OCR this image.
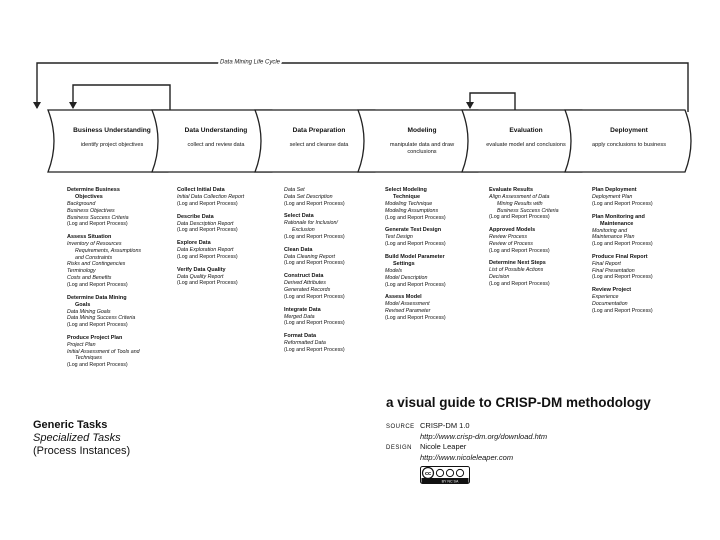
Data Mining Life Cycle
Business Understanding
identify project objectives
Data Understanding
collect and review data
Data Preparation
select and cleanse data
Modeling
manipulate data and draw conclusions
Evaluation
evaluate model and conclusions
Deployment
apply conclusions to business
Determine Business
Objectives
Background
Business Objectives
Business Success Criteria
(Log and Report Process)
Assess Situation
Inventory of Resources
Requirements, Assumptions
and Constraints
Risks and Contingencies
Terminology
Costs and Benefits
(Log and Report Process)
Determine Data Mining
Goals
Data Mining Goals
Data Mining Success Criteria
(Log and Report Process)
Produce Project Plan
Project Plan
Initial Assessment of Tools and
Techniques
(Log and Report Process)
Collect Initial Data
Initial Data Collection Report
(Log and Report Process)
Describe Data
Data Description Report
(Log and Report Process)
Explore Data
Data Exploration Report
(Log and Report Process)
Verify Data Quality
Data Quality Report
(Log and Report Process)
Data Set
Data Set Description
(Log and Report Process)
Select Data
Rationale for Inclusion/
Exclusion
(Log and Report Process)
Clean Data
Data Cleaning Report
(Log and Report Process)
Construct Data
Derived Attributes
Generated Records
(Log and Report Process)
Integrate Data
Merged Data
(Log and Report Process)
Format Data
Reformatted Data
(Log and Report Process)
Select Modeling
Technique
Modeling Technique
Modeling Assumptions
(Log and Report Process)
Generate Test Design
Test Design
(Log and Report Process)
Build Model Parameter
Settings
Models
Model Description
(Log and Report Process)
Assess Model
Model Assessment
Revised Parameter
(Log and Report Process)
Evaluate Results
Align Assessment of Data
Mining Results with
Business Success Criteria
(Log and Report Process)
Approved Models
Review Process
Review of Process
(Log and Report Process)
Determine Next Steps
List of Possible Actions
Decision
(Log and Report Process)
Plan Deployment
Deployment Plan
(Log and Report Process)
Plan Monitoring and
Maintenance
Monitoring and
Maintenance Plan
(Log and Report Process)
Produce Final Report
Final Report
Final Presentation
(Log and Report Process)
Review Project
Experience
Documentation
(Log and Report Process)
Generic Tasks
Specialized Tasks
(Process Instances)
a visual guide to CRISP-DM methodology
SOURCE CRISP-DM 1.0
http://www.crisp-dm.org/download.htm
DESIGN Nicole Leaper
http://www.nicoleleaper.com
cc
BY NC SA
